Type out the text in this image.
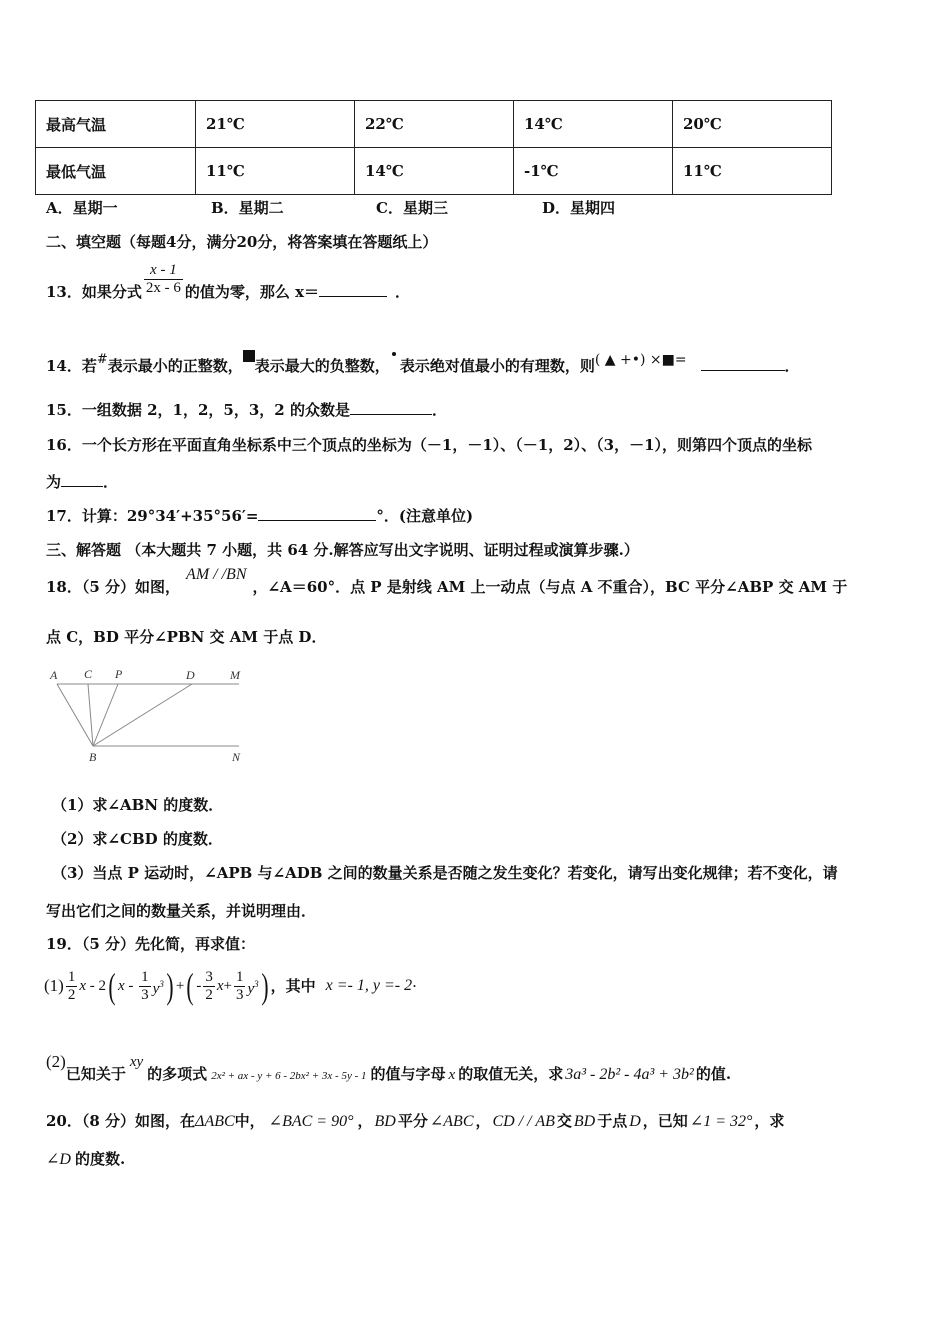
最高气温	21℃	22℃	14℃	20℃
最低气温	11℃	14℃	-1℃	11℃
A．星期一	B．星期二	C．星期三	D．星期四
二、填空题（每题4分，满分20分，将答案填在答题纸上）
13．如果分式 $\frac{x - 1}{2x - 6}$ 的值为零，那么 x＝	．
14．若#表示最小的正整数， 表示最大的负整数， 表示绝对值最小的有理数，则( ▲ +•) ×■=	．
15．一组数据 2，1，2，5，3，2 的众数是	．
16．一个长方形在平面直角坐标系中三个顶点的坐标为（－1，－1）、（－1，2）、（3，－1），则第四个顶点的坐标
为	．
17．计算：29°34′+35°56′=	°．(注意单位)
三、解答题 （本大题共 7 小题，共 64 分.解答应写出文字说明、证明过程或演算步骤.）
18．（5 分）如图，AM / /BN，∠A＝60°．点 P 是射线 AM 上一动点（与点 A 不重合），BC 平分∠ABP 交 AM 于
点 C，BD 平分∠PBN 交 AM 于点 D．
A C P	D	M
B	N
（1）求∠ABN 的度数．
（2）求∠CBD 的度数．
（3）当点 P 运动时，∠APB 与∠ADB 之间的数量关系是否随之发生变化？若变化，请写出变化规律；若不变化，请
写出它们之间的数量关系，并说明理由．
19．（5 分）先化简，再求值：
$(1) \frac{1}{2}$ x - 2( x - $\frac{1}{3} y^3$) +( - $\frac{3}{2} x+ \frac{1}{3} y^3$) ，其中 x =- 1, y =- 2·
(2)已知关于xy的多项式 2x² + ax - y + 6 - 2bx² + 3x - 5y - 1 的值与字母 x 的取值无关，求 3a³ - 2b² - 4a³ + 3b² 的值.
20．（8 分）如图，在ΔABC中， ∠BAC = 90° ， BD 平分 ∠ABC ， CD / / AB 交 BD 于点 D ，已知 ∠1 = 32° ，求
∠D 的度数.
